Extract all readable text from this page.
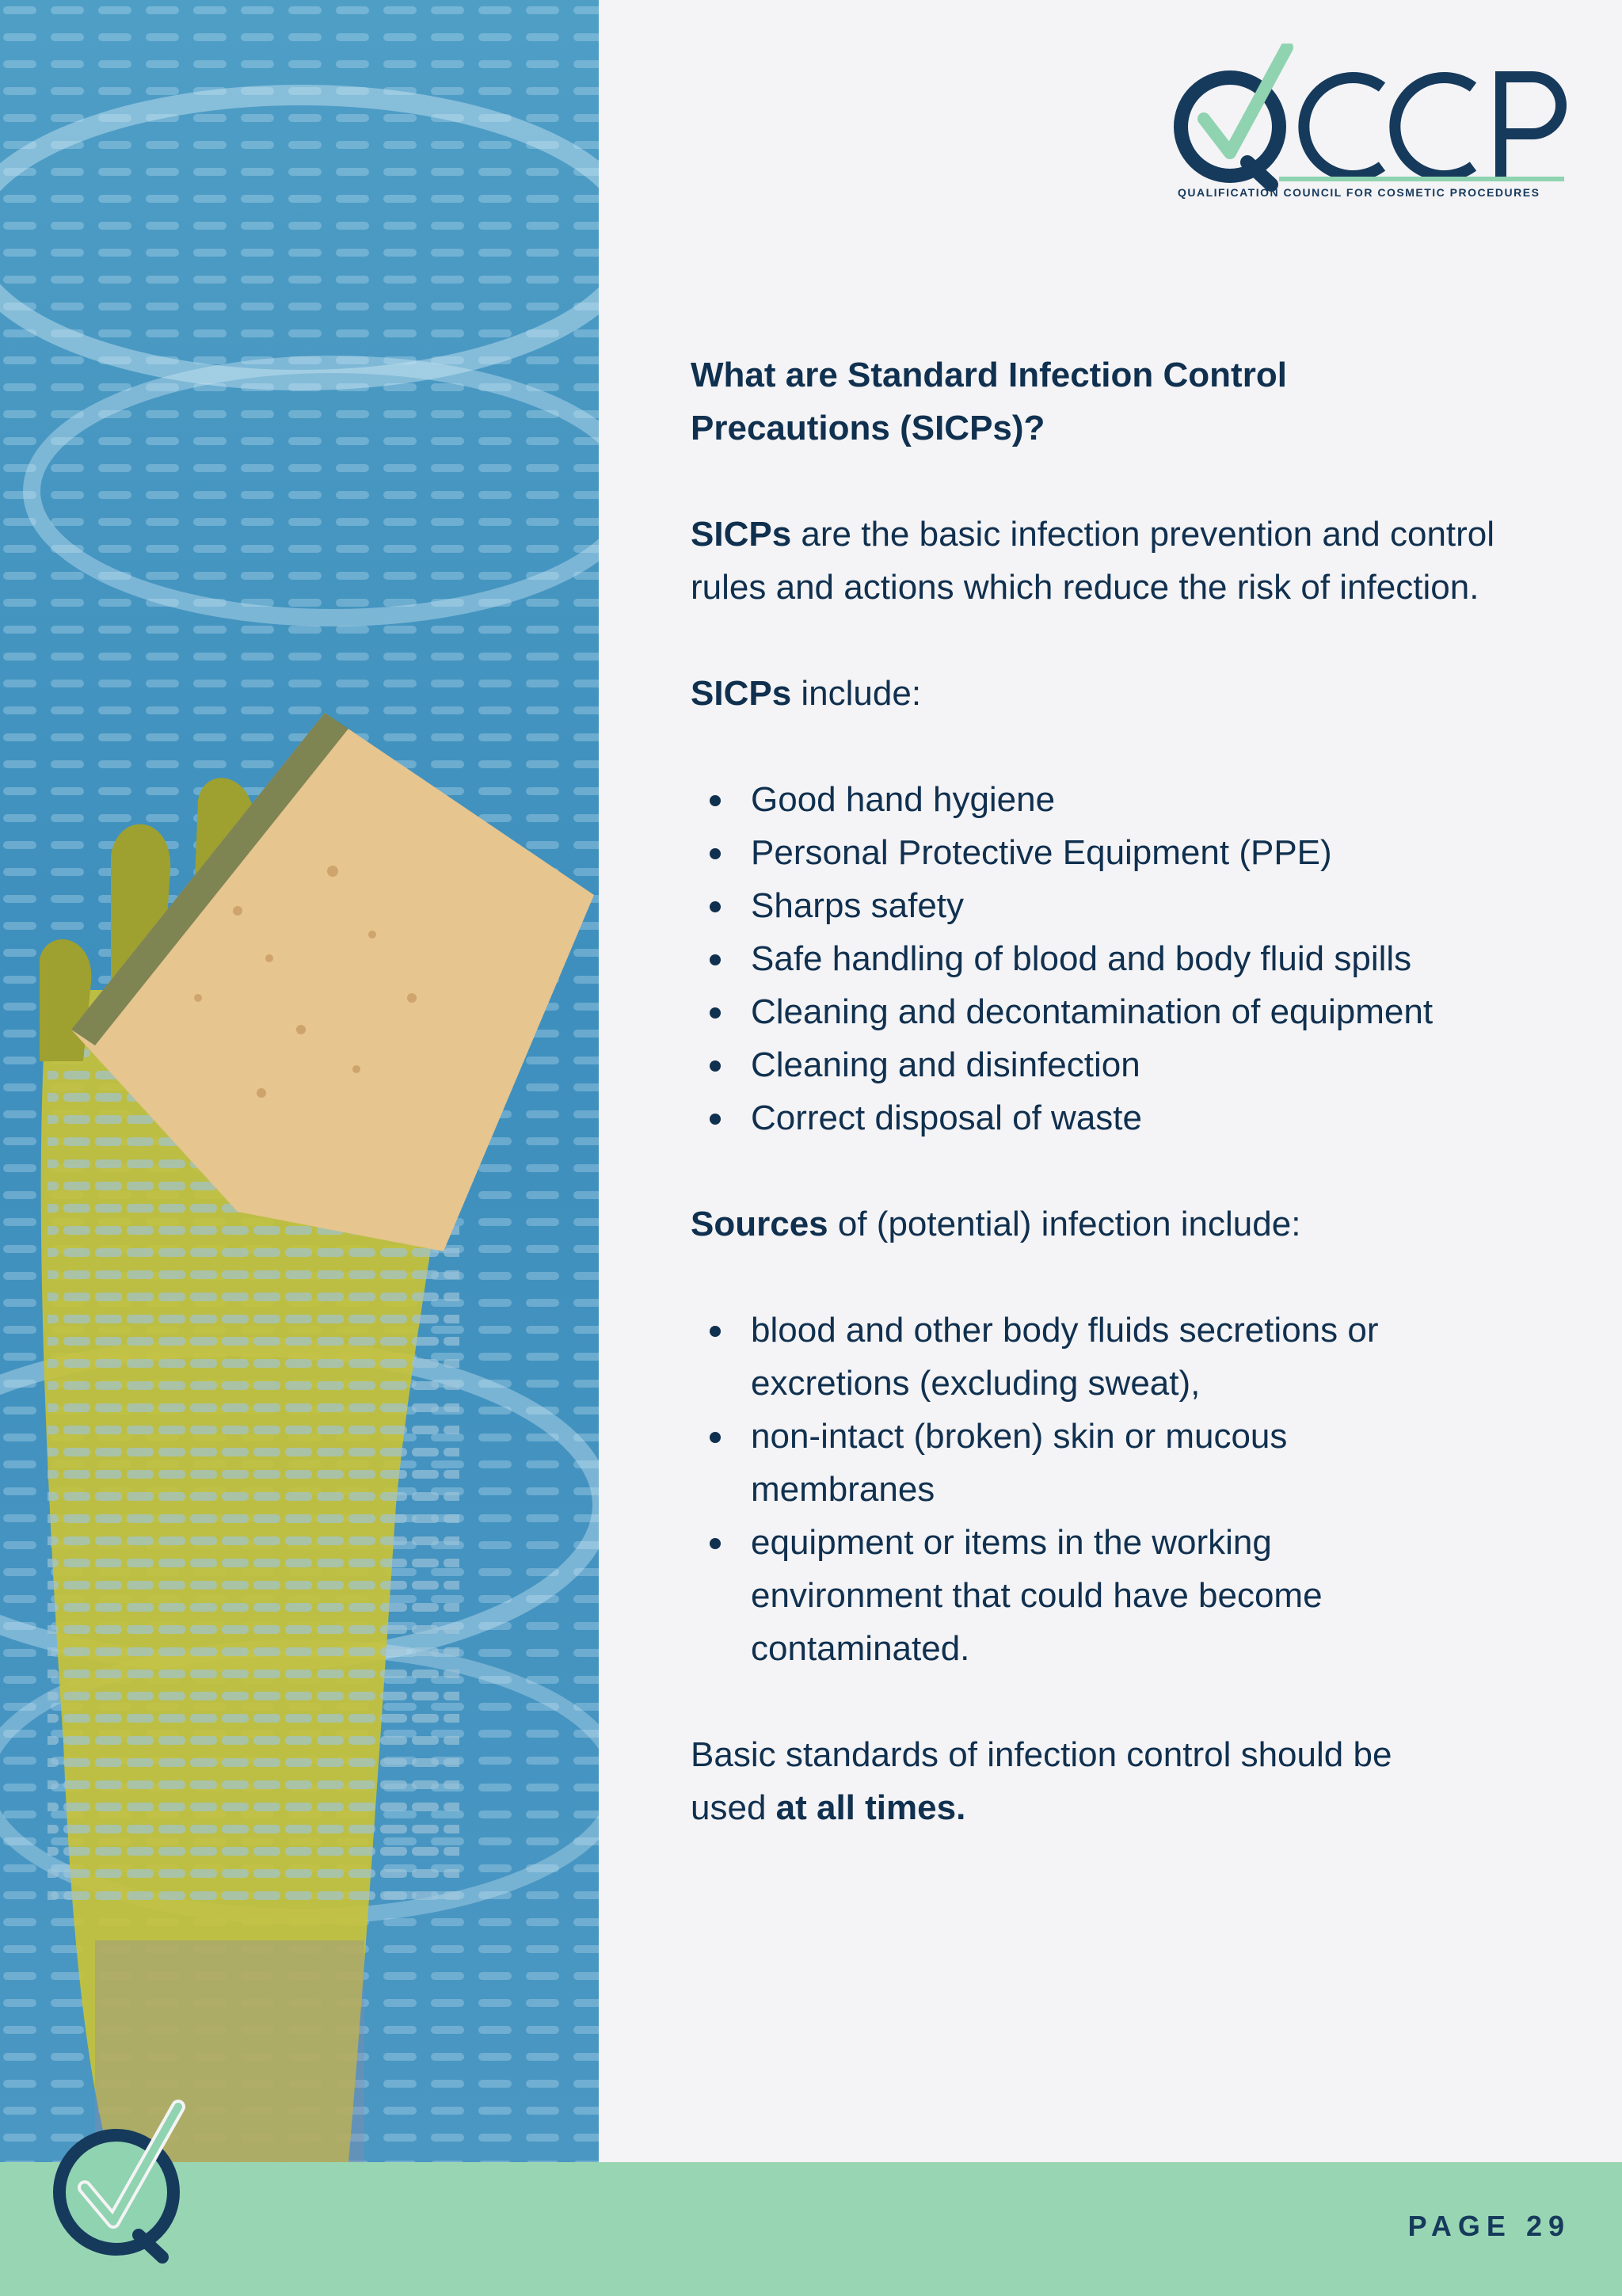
QUALIFICATION COUNCIL FOR COSMETIC PROCEDURES

What are Standard Infection Control Precautions (SICPs)?

SICPs are the basic infection prevention and control rules and actions which reduce the risk of infection.

SICPs include:

Good hand hygiene
Personal Protective Equipment (PPE)
Sharps safety
Safe handling of blood and body fluid spills
Cleaning and decontamination of equipment
Cleaning and disinfection
Correct disposal of waste

Sources of (potential) infection include:

blood and other body fluids secretions or excretions (excluding sweat),
non-intact (broken) skin or mucous membranes
equipment or items in the working environment that could have become contaminated.

Basic standards of infection control should be used at all times.

PAGE 29
